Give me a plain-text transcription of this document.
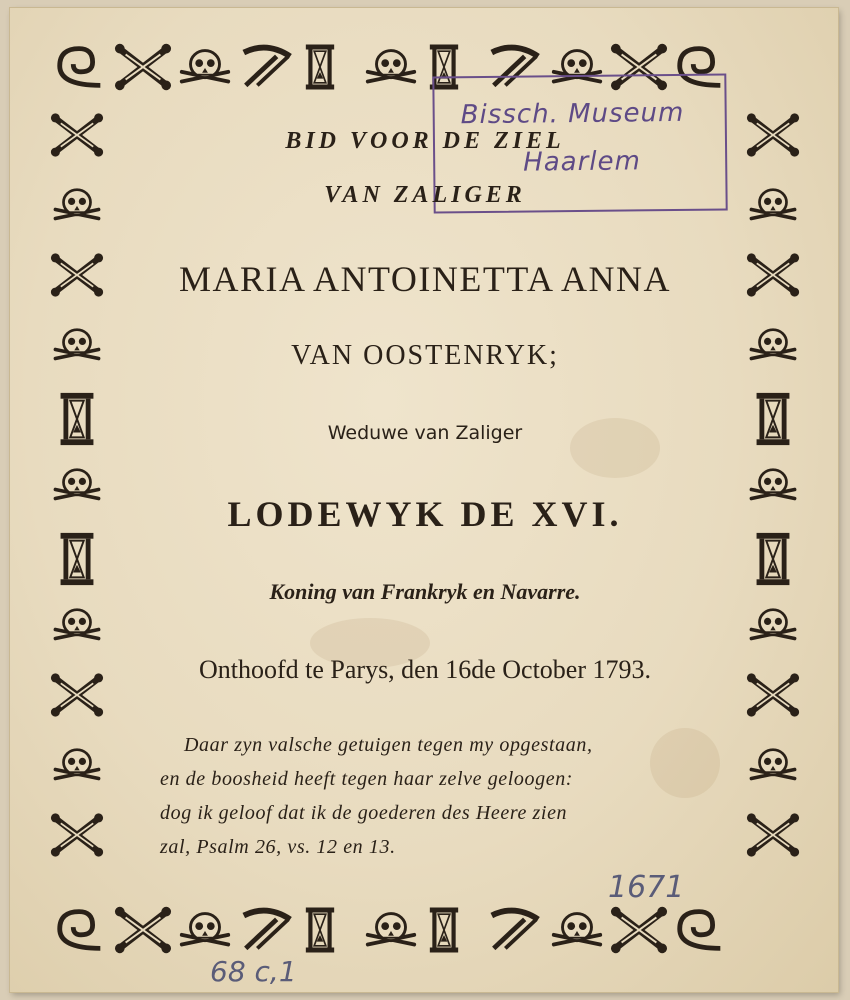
Bissch. Museum
Haarlem
BID VOOR DE ZIEL
VAN ZALIGER
MARIA ANTOINETTA ANNA
VAN OOSTENRYK;
Weduwe van Zaliger
LODEWYK DE XVI.
Koning van Frankryk en Navarre.
Onthoofd te Parys, den 16de October 1793.
Daar zyn valsche getuigen tegen my opgestaan,
en de boosheid heeft tegen haar zelve geloogen:
dog ik geloof dat ik de goederen des Heere zien
zal, Psalm 26, vs. 12 en 13.
1671
68 c,1
